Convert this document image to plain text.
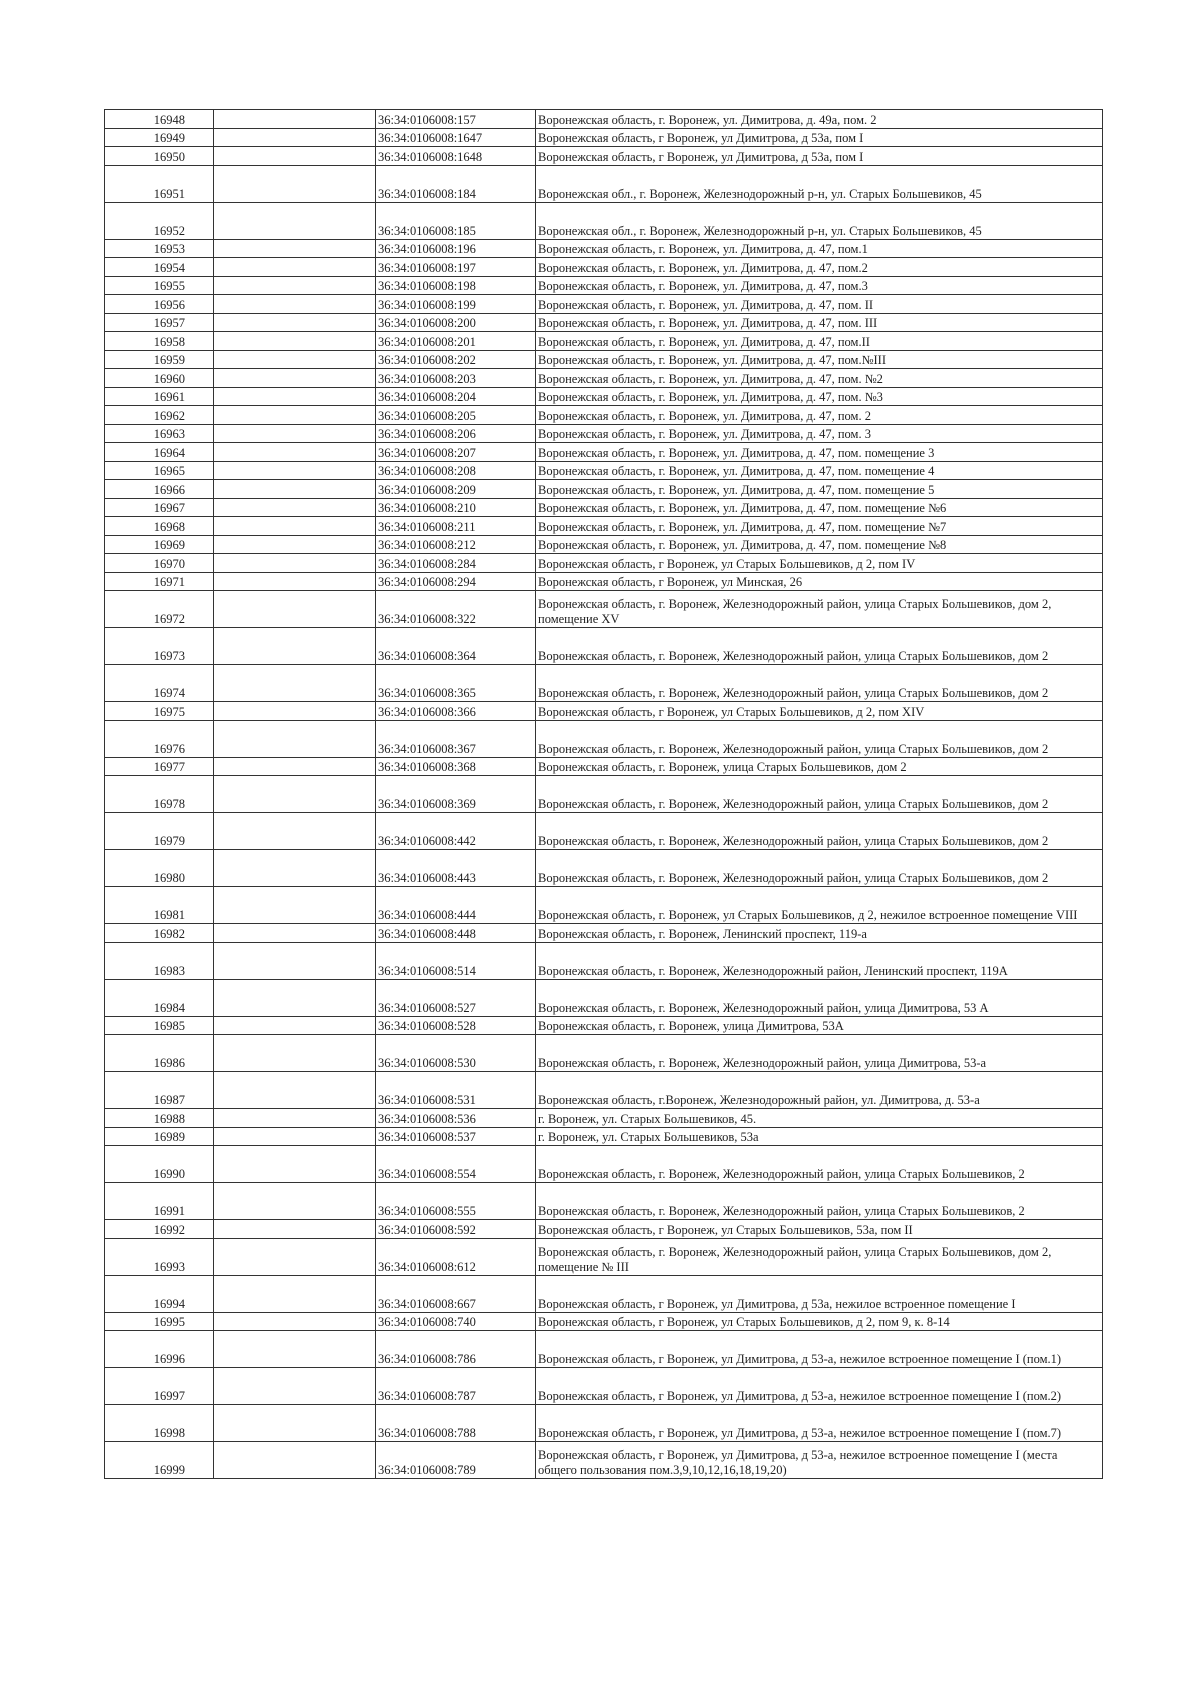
16948		36:34:0106008:157	Воронежская область, г. Воронеж, ул. Димитрова, д. 49а, пом. 2
16949		36:34:0106008:1647	Воронежская область, г Воронеж, ул Димитрова, д 53а, пом I
16950		36:34:0106008:1648	Воронежская область, г Воронеж, ул Димитрова, д 53а, пом I
16951		36:34:0106008:184	Воронежская обл., г. Воронеж, Железнодорожный р-н, ул. Старых Большевиков, 45
16952		36:34:0106008:185	Воронежская обл., г. Воронеж, Железнодорожный р-н, ул. Старых Большевиков, 45
16953		36:34:0106008:196	Воронежская область, г. Воронеж, ул. Димитрова, д. 47, пом.1
16954		36:34:0106008:197	Воронежская область, г. Воронеж, ул. Димитрова, д. 47, пом.2
16955		36:34:0106008:198	Воронежская область, г. Воронеж, ул. Димитрова, д. 47, пом.3
16956		36:34:0106008:199	Воронежская область, г. Воронеж, ул. Димитрова, д. 47, пом. II
16957		36:34:0106008:200	Воронежская область, г. Воронеж, ул. Димитрова, д. 47, пом. III
16958		36:34:0106008:201	Воронежская область, г. Воронеж, ул. Димитрова, д. 47, пом.II
16959		36:34:0106008:202	Воронежская область, г. Воронеж, ул. Димитрова, д. 47, пом.№III
16960		36:34:0106008:203	Воронежская область, г. Воронеж, ул. Димитрова, д. 47, пом. №2
16961		36:34:0106008:204	Воронежская область, г. Воронеж, ул. Димитрова, д. 47, пом. №3
16962		36:34:0106008:205	Воронежская область, г. Воронеж, ул. Димитрова, д. 47, пом. 2
16963		36:34:0106008:206	Воронежская область, г. Воронеж, ул. Димитрова, д. 47, пом. 3
16964		36:34:0106008:207	Воронежская область, г. Воронеж, ул. Димитрова, д. 47, пом. помещение 3
16965		36:34:0106008:208	Воронежская область, г. Воронеж, ул. Димитрова, д. 47, пом. помещение 4
16966		36:34:0106008:209	Воронежская область, г. Воронеж, ул. Димитрова, д. 47, пом. помещение 5
16967		36:34:0106008:210	Воронежская область, г. Воронеж, ул. Димитрова, д. 47, пом. помещение №6
16968		36:34:0106008:211	Воронежская область, г. Воронеж, ул. Димитрова, д. 47, пом. помещение №7
16969		36:34:0106008:212	Воронежская область, г. Воронеж, ул. Димитрова, д. 47, пом. помещение №8
16970		36:34:0106008:284	Воронежская область, г Воронеж, ул Старых Большевиков, д 2, пом IV
16971		36:34:0106008:294	Воронежская область, г Воронеж, ул Минская, 26
16972		36:34:0106008:322	Воронежская область, г. Воронеж, Железнодорожный район, улица Старых Большевиков, дом 2, помещение XV
16973		36:34:0106008:364	Воронежская область, г. Воронеж, Железнодорожный район, улица Старых Большевиков, дом 2
16974		36:34:0106008:365	Воронежская область, г. Воронеж, Железнодорожный район, улица Старых Большевиков, дом 2
16975		36:34:0106008:366	Воронежская область, г Воронеж, ул Старых Большевиков, д 2, пом XIV
16976		36:34:0106008:367	Воронежская область, г. Воронеж, Железнодорожный район, улица Старых Большевиков, дом 2
16977		36:34:0106008:368	Воронежская область, г. Воронеж, улица Старых Большевиков, дом 2
16978		36:34:0106008:369	Воронежская область, г. Воронеж, Железнодорожный район, улица Старых Большевиков, дом 2
16979		36:34:0106008:442	Воронежская область, г. Воронеж, Железнодорожный район, улица Старых Большевиков, дом 2
16980		36:34:0106008:443	Воронежская область, г. Воронеж, Железнодорожный район, улица Старых Большевиков, дом 2
16981		36:34:0106008:444	Воронежская область, г. Воронеж, ул Старых Большевиков, д 2, нежилое встроенное помещение VIII
16982		36:34:0106008:448	Воронежская область, г. Воронеж, Ленинский проспект, 119-а
16983		36:34:0106008:514	Воронежская область, г. Воронеж, Железнодорожный район, Ленинский проспект, 119А
16984		36:34:0106008:527	Воронежская область, г. Воронеж, Железнодорожный район, улица Димитрова, 53 А
16985		36:34:0106008:528	Воронежская область, г. Воронеж, улица Димитрова, 53А
16986		36:34:0106008:530	Воронежская область, г. Воронеж, Железнодорожный район, улица Димитрова, 53-а
16987		36:34:0106008:531	Воронежская область, г.Воронеж, Железнодорожный район, ул. Димитрова, д. 53-а
16988		36:34:0106008:536	г. Воронеж, ул. Старых Большевиков, 45.
16989		36:34:0106008:537	г. Воронеж, ул. Старых Большевиков, 53а
16990		36:34:0106008:554	Воронежская область, г. Воронеж, Железнодорожный район, улица Старых Большевиков, 2
16991		36:34:0106008:555	Воронежская область, г. Воронеж, Железнодорожный район, улица Старых Большевиков, 2
16992		36:34:0106008:592	Воронежская область, г Воронеж, ул Старых Большевиков, 53а, пом II
16993		36:34:0106008:612	Воронежская область, г. Воронеж, Железнодорожный район, улица Старых Большевиков, дом 2, помещение № III
16994		36:34:0106008:667	Воронежская область, г Воронеж, ул Димитрова, д 53а, нежилое встроенное помещение I
16995		36:34:0106008:740	Воронежская область, г Воронеж, ул Старых Большевиков, д 2, пом 9, к. 8-14
16996		36:34:0106008:786	Воронежская область, г Воронеж, ул Димитрова, д 53-а, нежилое встроенное помещение I (пом.1)
16997		36:34:0106008:787	Воронежская область, г Воронеж, ул Димитрова, д 53-а, нежилое встроенное помещение I (пом.2)
16998		36:34:0106008:788	Воронежская область, г Воронеж, ул Димитрова, д 53-а, нежилое встроенное помещение I (пом.7)
16999		36:34:0106008:789	Воронежская область, г Воронеж, ул Димитрова, д 53-а, нежилое встроенное помещение I (места общего пользования пом.3,9,10,12,16,18,19,20)
